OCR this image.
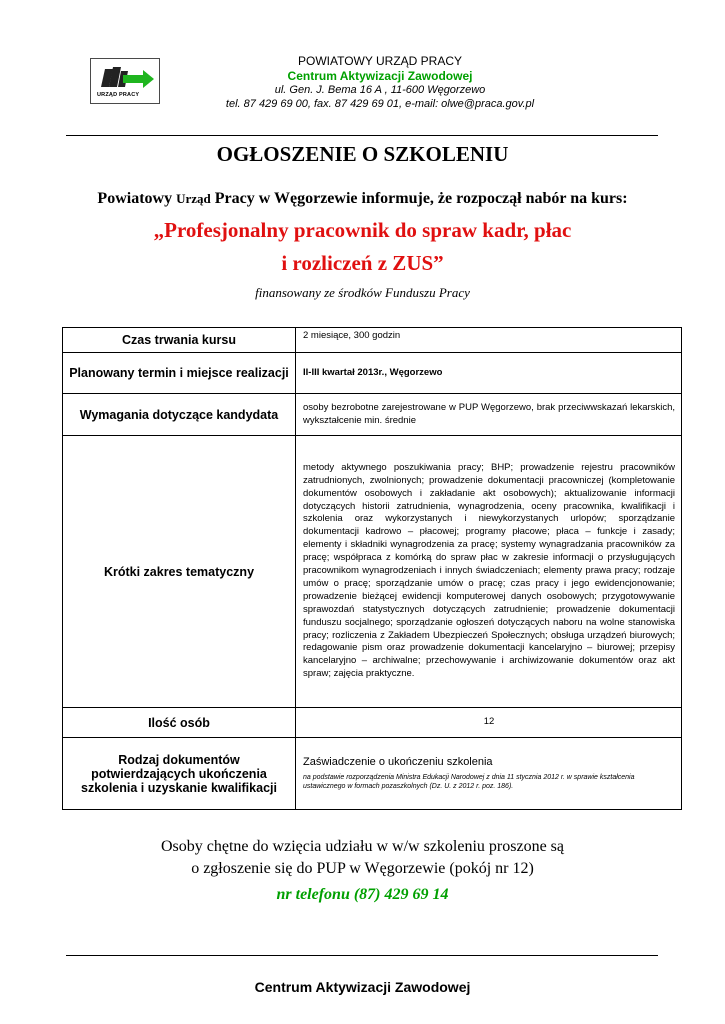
URZĄD PRACY
POWIATOWY URZĄD PRACY
Centrum Aktywizacji Zawodowej
ul. Gen. J. Bema 16 A , 11-600 Węgorzewo
tel. 87 429 69 00, fax. 87 429 69 01, e-mail: olwe@praca.gov.pl
OGŁOSZENIE O SZKOLENIU
Powiatowy Urząd Pracy w Węgorzewie informuje, że rozpoczął nabór na kurs:
„Profesjonalny pracownik do spraw kadr, płac
i rozliczeń z ZUS”
finansowany ze środków Funduszu Pracy
Czas trwania kursu	2 miesiące, 300 godzin
Planowany termin i miejsce realizacji	II-III kwartał 2013r., Węgorzewo
Wymagania dotyczące kandydata	osoby bezrobotne zarejestrowane w PUP Węgorzewo, brak przeciwwskazań lekarskich, wykształcenie min. średnie
Krótki zakres tematyczny	metody aktywnego poszukiwania pracy; BHP; prowadzenie rejestru pracowników zatrudnionych, zwolnionych; prowadzenie dokumentacji pracowniczej (kompletowanie dokumentów osobowych i zakładanie akt osobowych); aktualizowanie informacji dotyczących historii zatrudnienia, wynagrodzenia, oceny pracownika, kwalifikacji i szkolenia oraz wykorzystanych i niewykorzystanych urlopów; sporządzanie dokumentacji kadrowo – płacowej; programy płacowe; płaca – funkcje i zasady; elementy i składniki wynagrodzenia za pracę; systemy wynagradzania pracowników za pracę; współpraca z komórką do spraw płac w zakresie informacji o przysługujących pracownikom wynagrodzeniach i innych świadczeniach; elementy prawa pracy; rodzaje umów o pracę; sporządzanie umów o pracę; czas pracy i jego ewidencjonowanie; prowadzenie bieżącej ewidencji komputerowej danych osobowych; przygotowywanie sprawozdań statystycznych dotyczących zatrudnienie; prowadzenie dokumentacji funduszu socjalnego; sporządzanie ogłoszeń dotyczących naboru na wolne stanowiska pracy; rozliczenia z Zakładem Ubezpieczeń Społecznych; obsługa urządzeń biurowych; redagowanie pism oraz prowadzenie dokumentacji kancelaryjno – biurowej; przepisy kancelaryjno – archiwalne; przechowywanie i archiwizowanie dokumentów oraz akt spraw; zajęcia praktyczne.
Ilość osób	12
Rodzaj dokumentów potwierdzających ukończenia szkolenia i uzyskanie kwalifikacji	Zaświadczenie o ukończeniu szkolenia
na podstawie rozporządzenia Ministra Edukacji Narodowej z dnia 11 stycznia 2012 r. w sprawie kształcenia ustawicznego w formach pozaszkolnych (Dz. U. z 2012 r. poz. 186).
Osoby chętne do wzięcia udziału w w/w szkoleniu proszone są
o zgłoszenie się do PUP w Węgorzewie (pokój nr 12)
nr telefonu (87) 429 69 14
Centrum Aktywizacji Zawodowej
